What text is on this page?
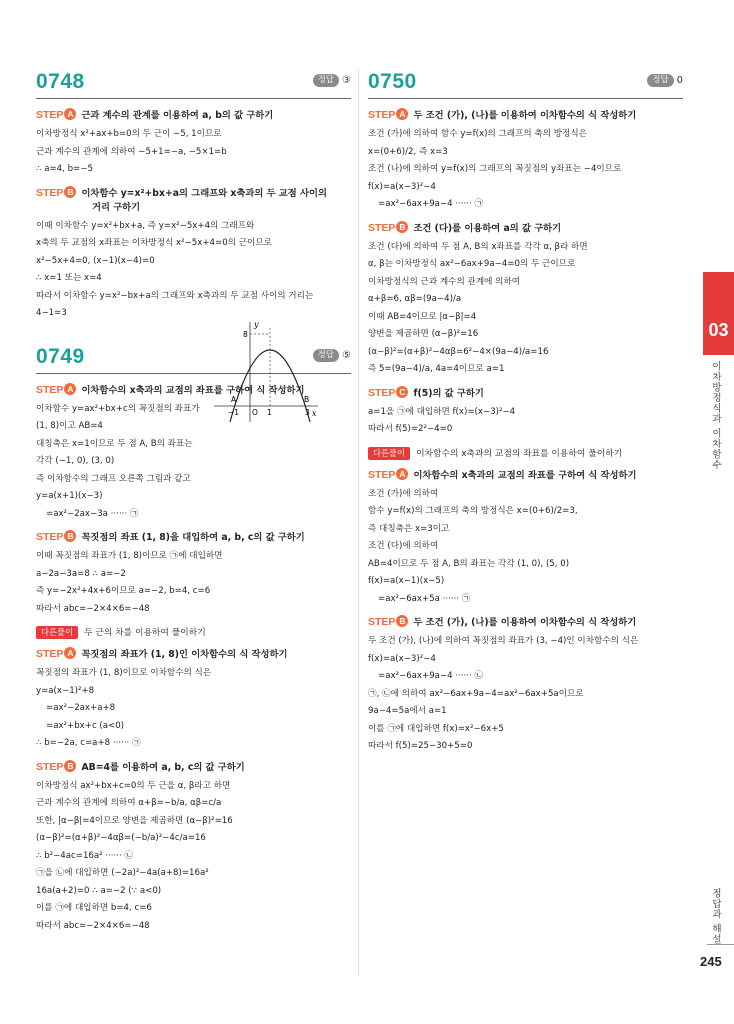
0748	정답 ③
STEP A 근과 계수의 관계를 이용하여 a, b의 값 구하기
이차방정식 x²+ax+b=0의 두 근이 −5, 1이므로
근과 계수의 관계에 의하여 −5+1=−a, −5×1=b
∴ a=4, b=−5
STEP B 이차함수 y=x²+bx+a의 그래프와 x축과의 두 교점 사이의
거리 구하기
이때 이차함수 y=x²+bx+a, 즉 y=x²−5x+4의 그래프와
x축의 두 교점의 x좌표는 이차방정식 x²−5x+4=0의 근이므로
x²−5x+4=0, (x−1)(x−4)=0
∴ x=1 또는 x=4
따라서 이차함수 y=x²−bx+a의 그래프와 x축과의 두 교점 사이의 거리는
4−1=3
0749	정답 ⑤
STEP A 이차함수의 x축과의 교점의 좌표를 구하여 식 작성하기
이차함수 y=ax²+bx+c의 꼭짓점의 좌표가
(1, 8)이고 AB=4
대칭축은 x=1이므로 두 점 A, B의 좌표는
각각 (−1, 0), (3, 0)
즉 이차함수의 그래프 오른쪽 그림과 같고
y=a(x+1)(x−3)
=ax²−2ax−3a ······ ㉠
STEP B 꼭짓점의 좌표 (1, 8)을 대입하여 a, b, c의 값 구하기
이때 꼭짓점의 좌표가 (1, 8)이므로 ㉠에 대입하면
a−2a−3a=8 ∴ a=−2
즉 y=−2x²+4x+6이므로 a=−2, b=4, c=6
따라서 abc=−2×4×6=−48
다른풀이 두 근의 차를 이용하여 풀이하기
STEP A 꼭짓점의 좌표가 (1, 8)인 이차함수의 식 작성하기
꼭짓점의 좌표가 (1, 8)이므로 이차함수의 식은
y=a(x−1)²+8
=ax²−2ax+a+8
=ax²+bx+c (a<0)
∴ b=−2a, c=a+8 ······ ㉠
STEP B AB=4를 이용하여 a, b, c의 값 구하기
이차방정식 ax²+bx+c=0의 두 근을 α, β라고 하면
근과 계수의 관계에 의하여 α+β=−b/a, αβ=c/a
또한, |α−β|=4이므로 양변을 제곱하면 (α−β)²=16
(α−β)²=(α+β)²−4αβ=(−b/a)²−4c/a=16
∴ b²−4ac=16a² ······ ㉡
㉠을 ㉡에 대입하면 (−2a)²−4a(a+8)=16a²
16a(a+2)=0 ∴ a=−2 (∵ a<0)
이를 ㉠에 대입하면 b=4, c=6
따라서 abc=−2×4×6=−48
y
x
8
A	B
−1 O 1	3
0750	정답 0
STEP A 두 조건 (가), (나)를 이용하여 이차함수의 식 작성하기
조건 (가)에 의하여 함수 y=f(x)의 그래프의 축의 방정식은
x=(0+6)/2, 즉 x=3
조건 (나)에 의하여 y=f(x)의 그래프의 꼭짓점의 y좌표는 −4이므로
f(x)=a(x−3)²−4
=ax²−6ax+9a−4 ······ ㉠
STEP B 조건 (다)를 이용하여 a의 값 구하기
조건 (다)에 의하여 두 점 A, B의 x좌표를 각각 α, β라 하면
α, β는 이차방정식 ax²−6ax+9a−4=0의 두 근이므로
이차방정식의 근과 계수의 관계에 의하여
α+β=6, αβ=(9a−4)/a
이때 AB=4이므로 |α−β|=4
양변을 제곱하면 (α−β)²=16
(α−β)²=(α+β)²−4αβ=6²−4×(9a−4)/a=16
즉 5=(9a−4)/a, 4a=4이므로 a=1
STEP C f(5)의 값 구하기
a=1을 ㉠에 대입하면 f(x)=(x−3)²−4
따라서 f(5)=2²−4=0
다른풀이 이차함수의 x축과의 교점의 좌표를 이용하여 풀이하기
STEP A 이차함수의 x축과의 교점의 좌표를 구하여 식 작성하기
조건 (가)에 의하여
함수 y=f(x)의 그래프의 축의 방정식은 x=(0+6)/2=3,
즉 대칭축은 x=3이고
조건 (다)에 의하여
AB=4이므로 두 점 A, B의 좌표는 각각 (1, 0), (5, 0)
f(x)=a(x−1)(x−5)
=ax²−6ax+5a ······ ㉠
STEP B 두 조건 (가), (나)를 이용하여 이차함수의 식 작성하기
두 조건 (가), (나)에 의하여 꼭짓점의 좌표가 (3, −4)인 이차함수의 식은
f(x)=a(x−3)²−4
=ax²−6ax+9a−4 ······ ㉡
㉠, ㉡에 의하여 ax²−6ax+9a−4=ax²−6ax+5a이므로
9a−4=5a에서 a=1
이를 ㉠에 대입하면 f(x)=x²−6x+5
따라서 f(5)=25−30+5=0
03
이차방정식과 이차함수
정답과 해설
245
